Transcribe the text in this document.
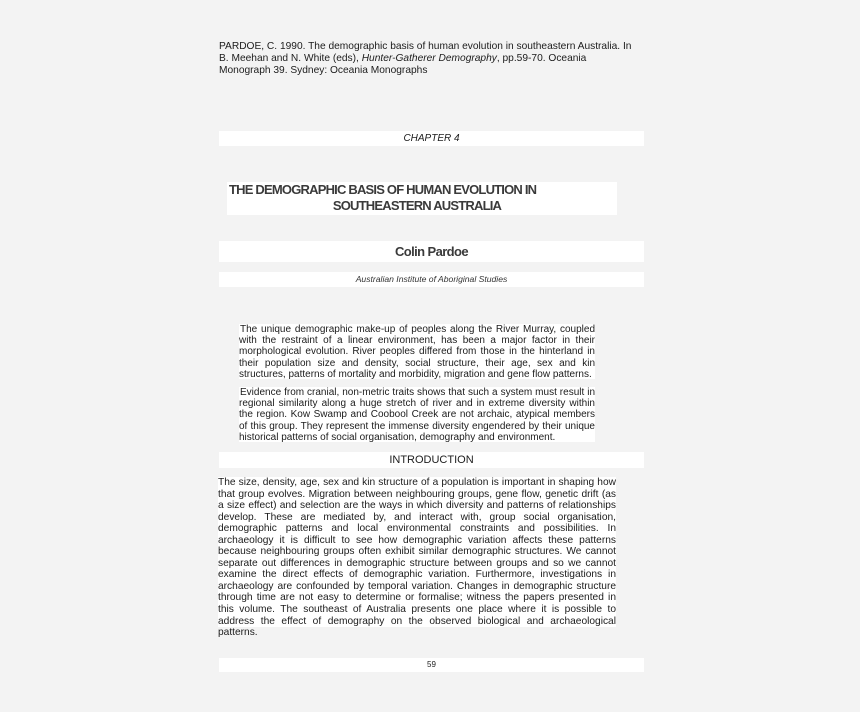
PARDOE, C. 1990. The demographic basis of human evolution in southeastern Australia. In B. Meehan and N. White (eds), Hunter-Gatherer Demography, pp.59-70. Oceania Monograph 39. Sydney: Oceania Monographs
CHAPTER 4
THE DEMOGRAPHIC BASIS OF HUMAN EVOLUTION IN
SOUTHEASTERN AUSTRALIA
Colin Pardoe
Australian Institute of Aboriginal Studies
The unique demographic make-up of peoples along the River Murray, coupled with the restraint of a linear environment, has been a major factor in their morphological evolution. River peoples differed from those in the hinterland in their population size and density, social structure, their age, sex and kin structures, patterns of mortality and morbidity, migration and gene flow patterns.
Evidence from cranial, non-metric traits shows that such a system must result in regional similarity along a huge stretch of river and in extreme diversity within the region. Kow Swamp and Coobool Creek are not archaic, atypical members of this group. They represent the immense diversity engendered by their unique historical patterns of social organisation, demography and environment.
INTRODUCTION
The size, density, age, sex and kin structure of a population is important in shaping how that group evolves. Migration between neighbouring groups, gene flow, genetic drift (as a size effect) and selection are the ways in which diversity and patterns of relationships develop. These are mediated by, and interact with, group social organisation, demographic patterns and local environmental constraints and possibilities. In archaeology it is difficult to see how demographic variation affects these patterns because neighbouring groups often exhibit similar demographic structures. We cannot separate out differences in demographic structure between groups and so we cannot examine the direct effects of demographic variation. Furthermore, investigations in archaeology are confounded by temporal variation. Changes in demographic structure through time are not easy to determine or formalise; witness the papers presented in this volume. The southeast of Australia presents one place where it is possible to address the effect of demography on the observed biological and archaeological patterns.
59
